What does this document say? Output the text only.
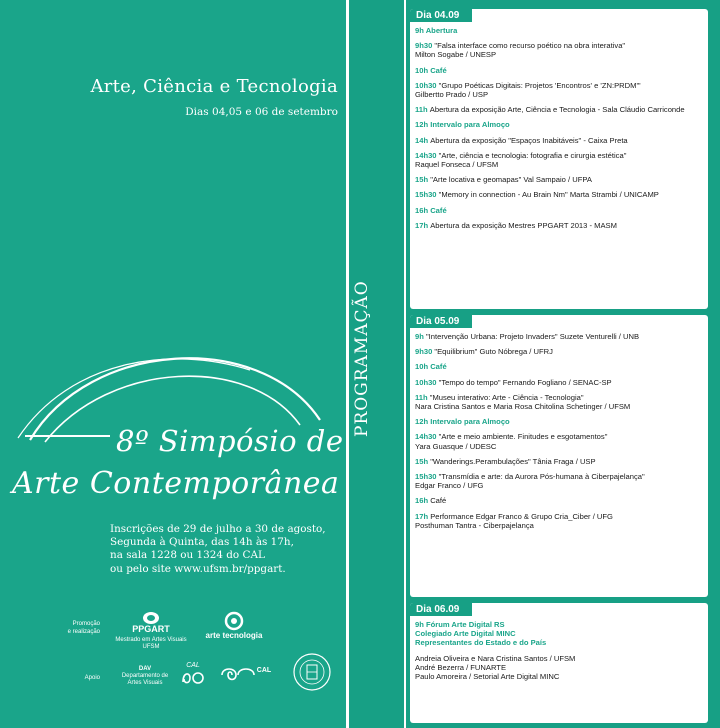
Arte, Ciência e Tecnologia
Dias 04,05 e 06 de setembro
8º Simpósio de
Arte Contemporânea
Inscrições de 29 de julho a 30 de agosto,
Segunda à Quinta, das 14h às 17h,
na sala 1228 ou 1324 do CAL
ou pelo site www.ufsm.br/ppgart.
Promoção
e realização
Apoio
PPGART
Mestrado em Artes Visuais
UFSM
arte tecnologia
DAV
Departamento de
Artes Visuais
CAL
CAL
PROGRAMAÇÃO
Dia 04.09
9h Abertura
9h30 "Falsa interface como recurso poético na obra interativa"
Milton Sogabe / UNESP
10h Café
10h30 "Grupo Poéticas Digitais: Projetos 'Encontros' e 'ZN:PRDM'"
Gilbertto Prado / USP
11h Abertura da exposição Arte, Ciência e Tecnologia - Sala Cláudio Carriconde
12h Intervalo para Almoço
14h Abertura da exposição "Espaços Inabitáveis" - Caixa Preta
14h30 "Arte, ciência e tecnologia: fotografia e cirurgia estética"
Raquel Fonseca / UFSM
15h "Arte locativa e geomapas" Val Sampaio / UFPA
15h30 "Memory in connection - Au Brain Nm" Marta Strambi / UNICAMP
16h Café
17h Abertura da exposição Mestres PPGART 2013 - MASM
Dia 05.09
9h "Intervenção Urbana: Projeto Invaders" Suzete Venturelli / UNB
9h30 "Equilibrium" Guto Nóbrega / UFRJ
10h Café
10h30 "Tempo do tempo" Fernando Fogliano / SENAC-SP
11h "Museu interativo: Arte - Ciência - Tecnologia"
Nara Cristina Santos e Maria Rosa Chitolina Schetinger / UFSM
12h Intervalo para Almoço
14h30 "Arte e meio ambiente. Finitudes e esgotamentos"
Yara Guasque / UDESC
15h "Wanderings.Perambulações" Tânia Fraga / USP
15h30 "Transmídia e arte: da Aurora Pós-humana à Ciberpajelança"
Edgar Franco / UFG
16h Café
17h Performance Edgar Franco & Grupo Cria_Ciber / UFG
Posthuman Tantra - Ciberpajelança
Dia 06.09
9h Fórum Arte Digital RS
Colegiado Arte Digital MINC
Representantes do Estado e do País
Andreia Oliveira e Nara Cristina Santos / UFSM
André Bezerra / FUNARTE
Paulo Amoreira / Setorial Arte Digital MINC
